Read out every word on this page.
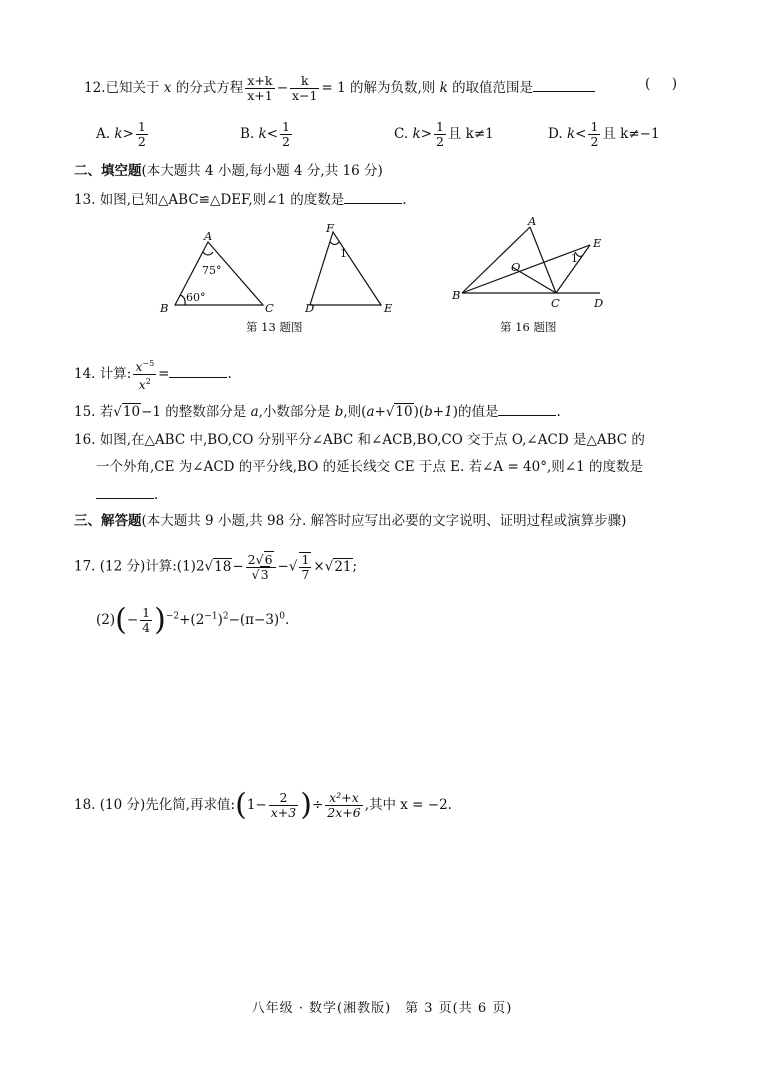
12.已知关于 x 的分式方程 $\frac{x+k}{x+1} - \frac{k}{x-1} = 1$ 的解为负数,则 k 的取值范围是	(     )
A. $k> \frac{1}{2}$	B. $k< \frac{1}{2}$	C. $k> \frac{1}{2}$ 且 k≠1	D. $k< \frac{1}{2}$ 且 k≠−1
二、填空题(本大题共 4 小题,每小题 4 分,共 16 分)
13. 如图,已知△ABC≌△DEF,则∠1 的度数是	.
A
B	C	D	E
F
75°
60°
1
第 13 题图
A
B
C	D
E
O
1
第 16 题图
14. 计算: $\frac{x^{-5}}{x^2}$ =	.
15. 若√10−1 的整数部分是 a,小数部分是 b,则(a+√10)(b+1)的值是	.
16. 如图,在△ABC 中,BO,CO 分别平分∠ABC 和∠ACB,BO,CO 交于点 O,∠ACD 是△ABC 的
一个外角,CE 为∠ACD 的平分线,BO 的延长线交 CE 于点 E. 若∠A = 40°,则∠1 的度数是
.
三、解答题(本大题共 9 小题,共 98 分. 解答时应写出必要的文字说明、证明过程或演算步骤)
17. (12 分)计算:(1)2√18− $\frac{2√6}{√3}$ −√ $\frac{1}{7} \times√21$;
$(2)(- \frac{1}{4} )^{-2}+(2^{-1})^2-(\pi-3)^0$.
18. (10 分)先化简,再求值:(1− $\frac{2}{x+3}$ )÷ $\frac{\text{x²+x}}{2x+6}$ ,其中 x = −2.
八年级 · 数学(湘教版)　第 3 页(共 6 页)
